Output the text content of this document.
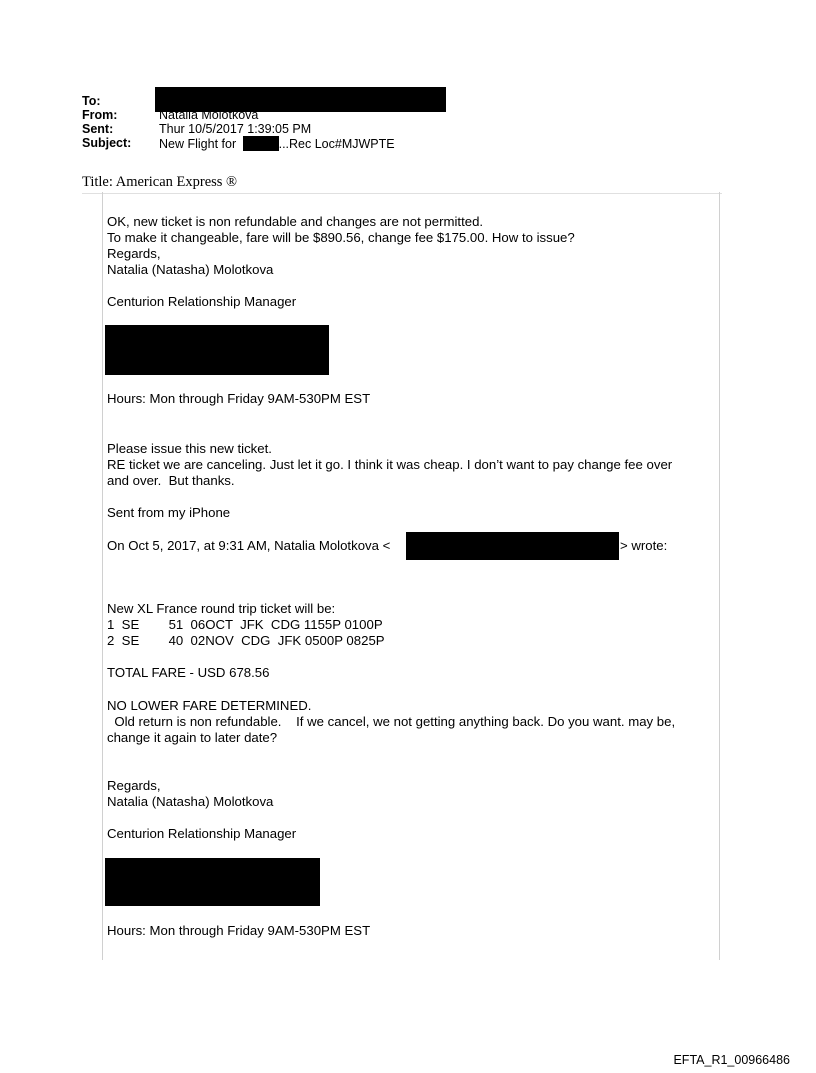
To:
From:	Natalia Molotkova
Sent:	Thur 10/5/2017 1:39:05 PM
Subject:	New Flight for	...Rec Loc#MJWPTE
Title: American Express ®

OK, new ticket is non refundable and changes are not permitted.

To make it changeable, fare will be $890.56, change fee $175.00. How to issue?

Regards,

Natalia (Natasha) Molotkova

Centurion Relationship Manager
Hours: Mon through Friday 9AM-530PM EST

Please issue this new ticket.

RE ticket we are canceling. Just let it go. I think it was cheap. I don’t want to pay change fee over

and over.  But thanks.

Sent from my iPhone
On Oct 5, 2017, at 9:31 AM, Natalia Molotkova <	> wrote:

New XL France round trip ticket will be:

1  SE        51  06OCT  JFK  CDG 1155P 0100P

2  SE        40  02NOV  CDG  JFK 0500P 0825P

TOTAL FARE - USD 678.56

NO LOWER FARE DETERMINED.

Old return is non refundable.    If we cancel, we not getting anything back. Do you want. may be,

change it again to later date?

Regards,

Natalia (Natasha) Molotkova

Centurion Relationship Manager
Hours: Mon through Friday 9AM-530PM EST
EFTA_R1_00966486
